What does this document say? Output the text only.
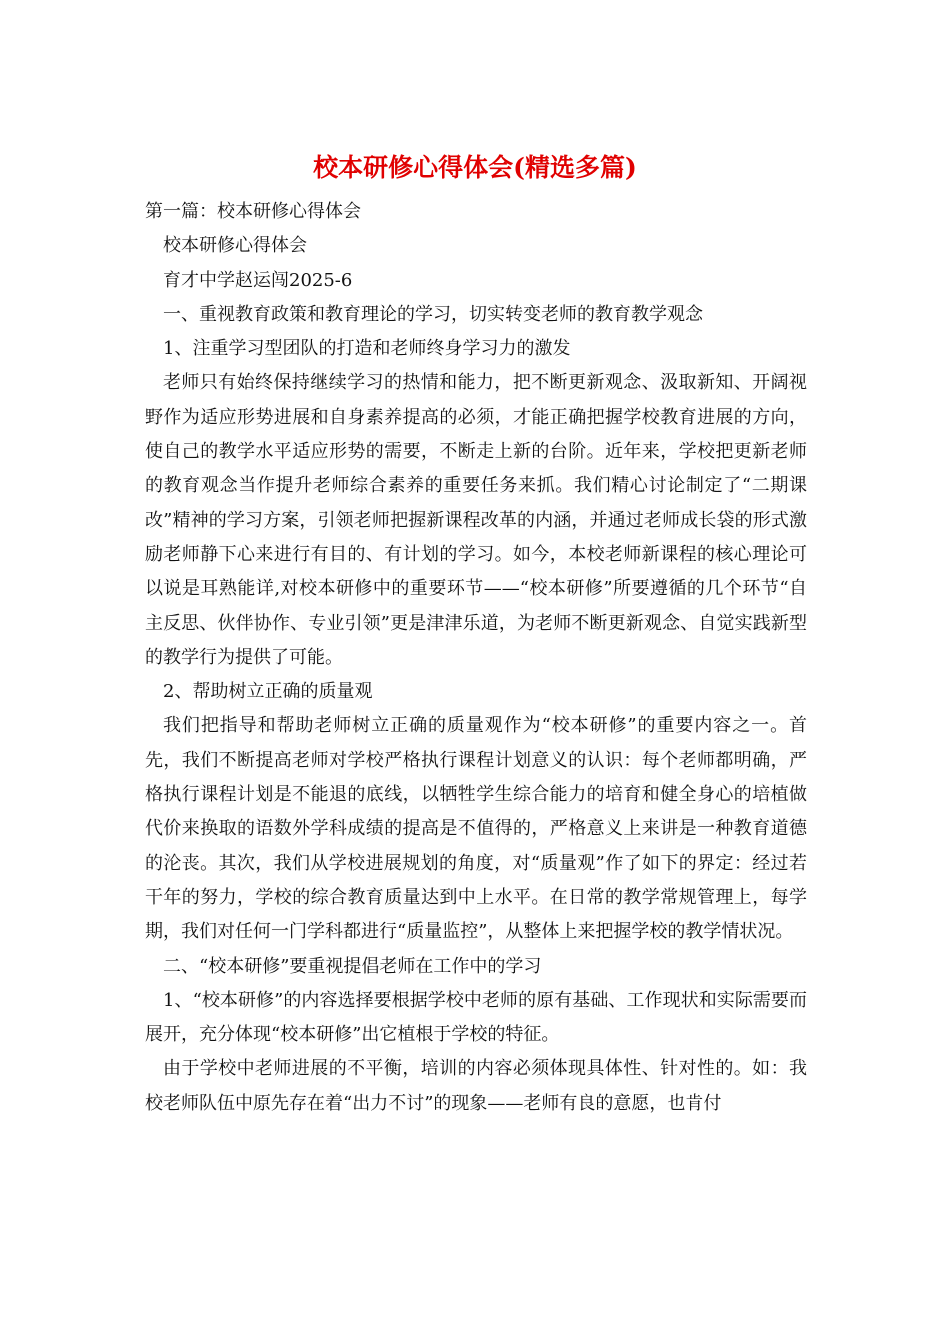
校本研修心得体会(精选多篇)

第一篇：校本研修心得体会

校本研修心得体会

育才中学赵运闯2025-6

一、重视教育政策和教育理论的学习，切实转变老师的教育教学观念

1、注重学习型团队的打造和老师终身学习力的激发

老师只有始终保持继续学习的热情和能力，把不断更新观念、汲取新知、开阔视野作为适应形势进展和自身素养提高的必须，才能正确把握学校教育进展的方向，使自己的教学水平适应形势的需要，不断走上新的台阶。近年来，学校把更新老师的教育观念当作提升老师综合素养的重要任务来抓。我们精心讨论制定了“二期课改”精神的学习方案，引领老师把握新课程改革的内涵，并通过老师成长袋的形式激励老师静下心来进行有目的、有计划的学习。如今，本校老师新课程的核心理论可以说是耳熟能详,对校本研修中的重要环节——“校本研修”所要遵循的几个环节“自主反思、伙伴协作、专业引领”更是津津乐道，为老师不断更新观念、自觉实践新型的教学行为提供了可能。

2、帮助树立正确的质量观

我们把指导和帮助老师树立正确的质量观作为“校本研修”的重要内容之一。首先，我们不断提高老师对学校严格执行课程计划意义的认识：每个老师都明确，严格执行课程计划是不能退的底线，以牺牲学生综合能力的培育和健全身心的培植做代价来换取的语数外学科成绩的提高是不值得的，严格意义上来讲是一种教育道德的沦丧。其次，我们从学校进展规划的角度，对“质量观”作了如下的界定：经过若干年的努力，学校的综合教育质量达到中上水平。在日常的教学常规管理上，每学期，我们对任何一门学科都进行“质量监控”，从整体上来把握学校的教学情状况。

二、“校本研修”要重视提倡老师在工作中的学习

1、“校本研修”的内容选择要根据学校中老师的原有基础、工作现状和实际需要而展开，充分体现“校本研修”出它植根于学校的特征。

由于学校中老师进展的不平衡，培训的内容必须体现具体性、针对性的。如：我校老师队伍中原先存在着“出力不讨”的现象——老师有良的意愿，也肯付
